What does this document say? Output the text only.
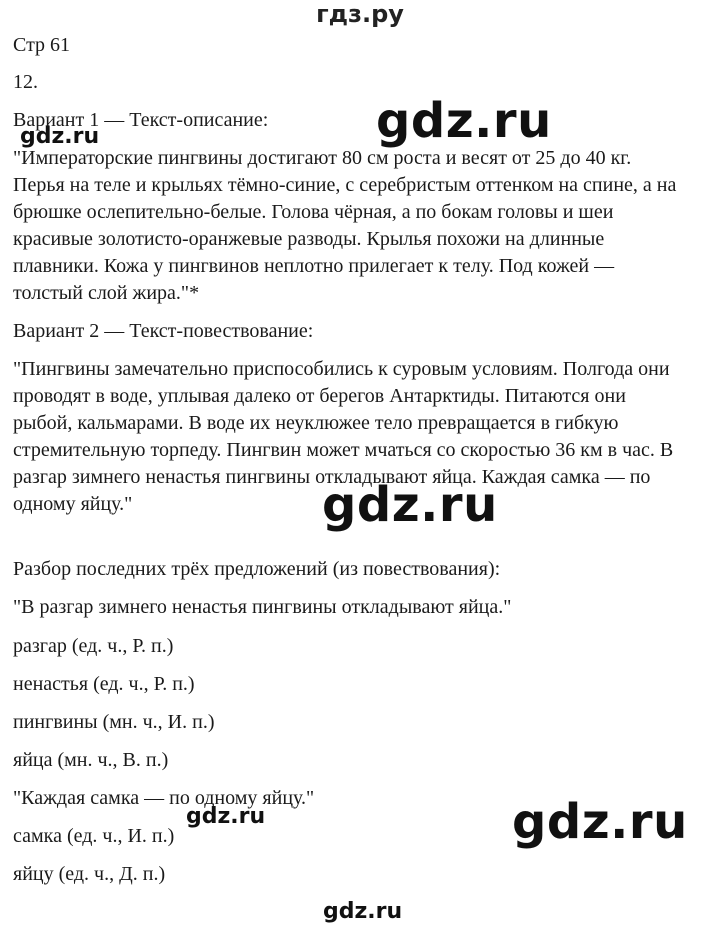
гдз.ру
Стр 61
12.
Вариант 1 — Текст-описание:
"Императорские пингвины достигают 80 см роста и весят от 25 до 40 кг.
Перья на теле и крыльях тёмно-синие, с серебристым оттенком на спине, а на
брюшке ослепительно-белые. Голова чёрная, а по бокам головы и шеи
красивые золотисто-оранжевые разводы. Крылья похожи на длинные
плавники. Кожа у пингвинов неплотно прилегает к телу. Под кожей —
толстый слой жира."*
Вариант 2 — Текст-повествование:
"Пингвины замечательно приспособились к суровым условиям. Полгода они
проводят в воде, уплывая далеко от берегов Антарктиды. Питаются они
рыбой, кальмарами. В воде их неуклюжее тело превращается в гибкую
стремительную торпеду. Пингвин может мчаться со скоростью 36 км в час. В
разгар зимнего ненастья пингвины откладывают яйца. Каждая самка — по
одному яйцу."
Разбор последних трёх предложений (из повествования):
"В разгар зимнего ненастья пингвины откладывают яйца."
разгар (ед. ч., Р. п.)
ненастья (ед. ч., Р. п.)
пингвины (мн. ч., И. п.)
яйца (мн. ч., В. п.)
"Каждая самка — по одному яйцу."
самка (ед. ч., И. п.)
яйцу (ед. ч., Д. п.)
gdz.ru
gdz.ru
gdz.ru
gdz.ru	gdz.ru
gdz.ru
